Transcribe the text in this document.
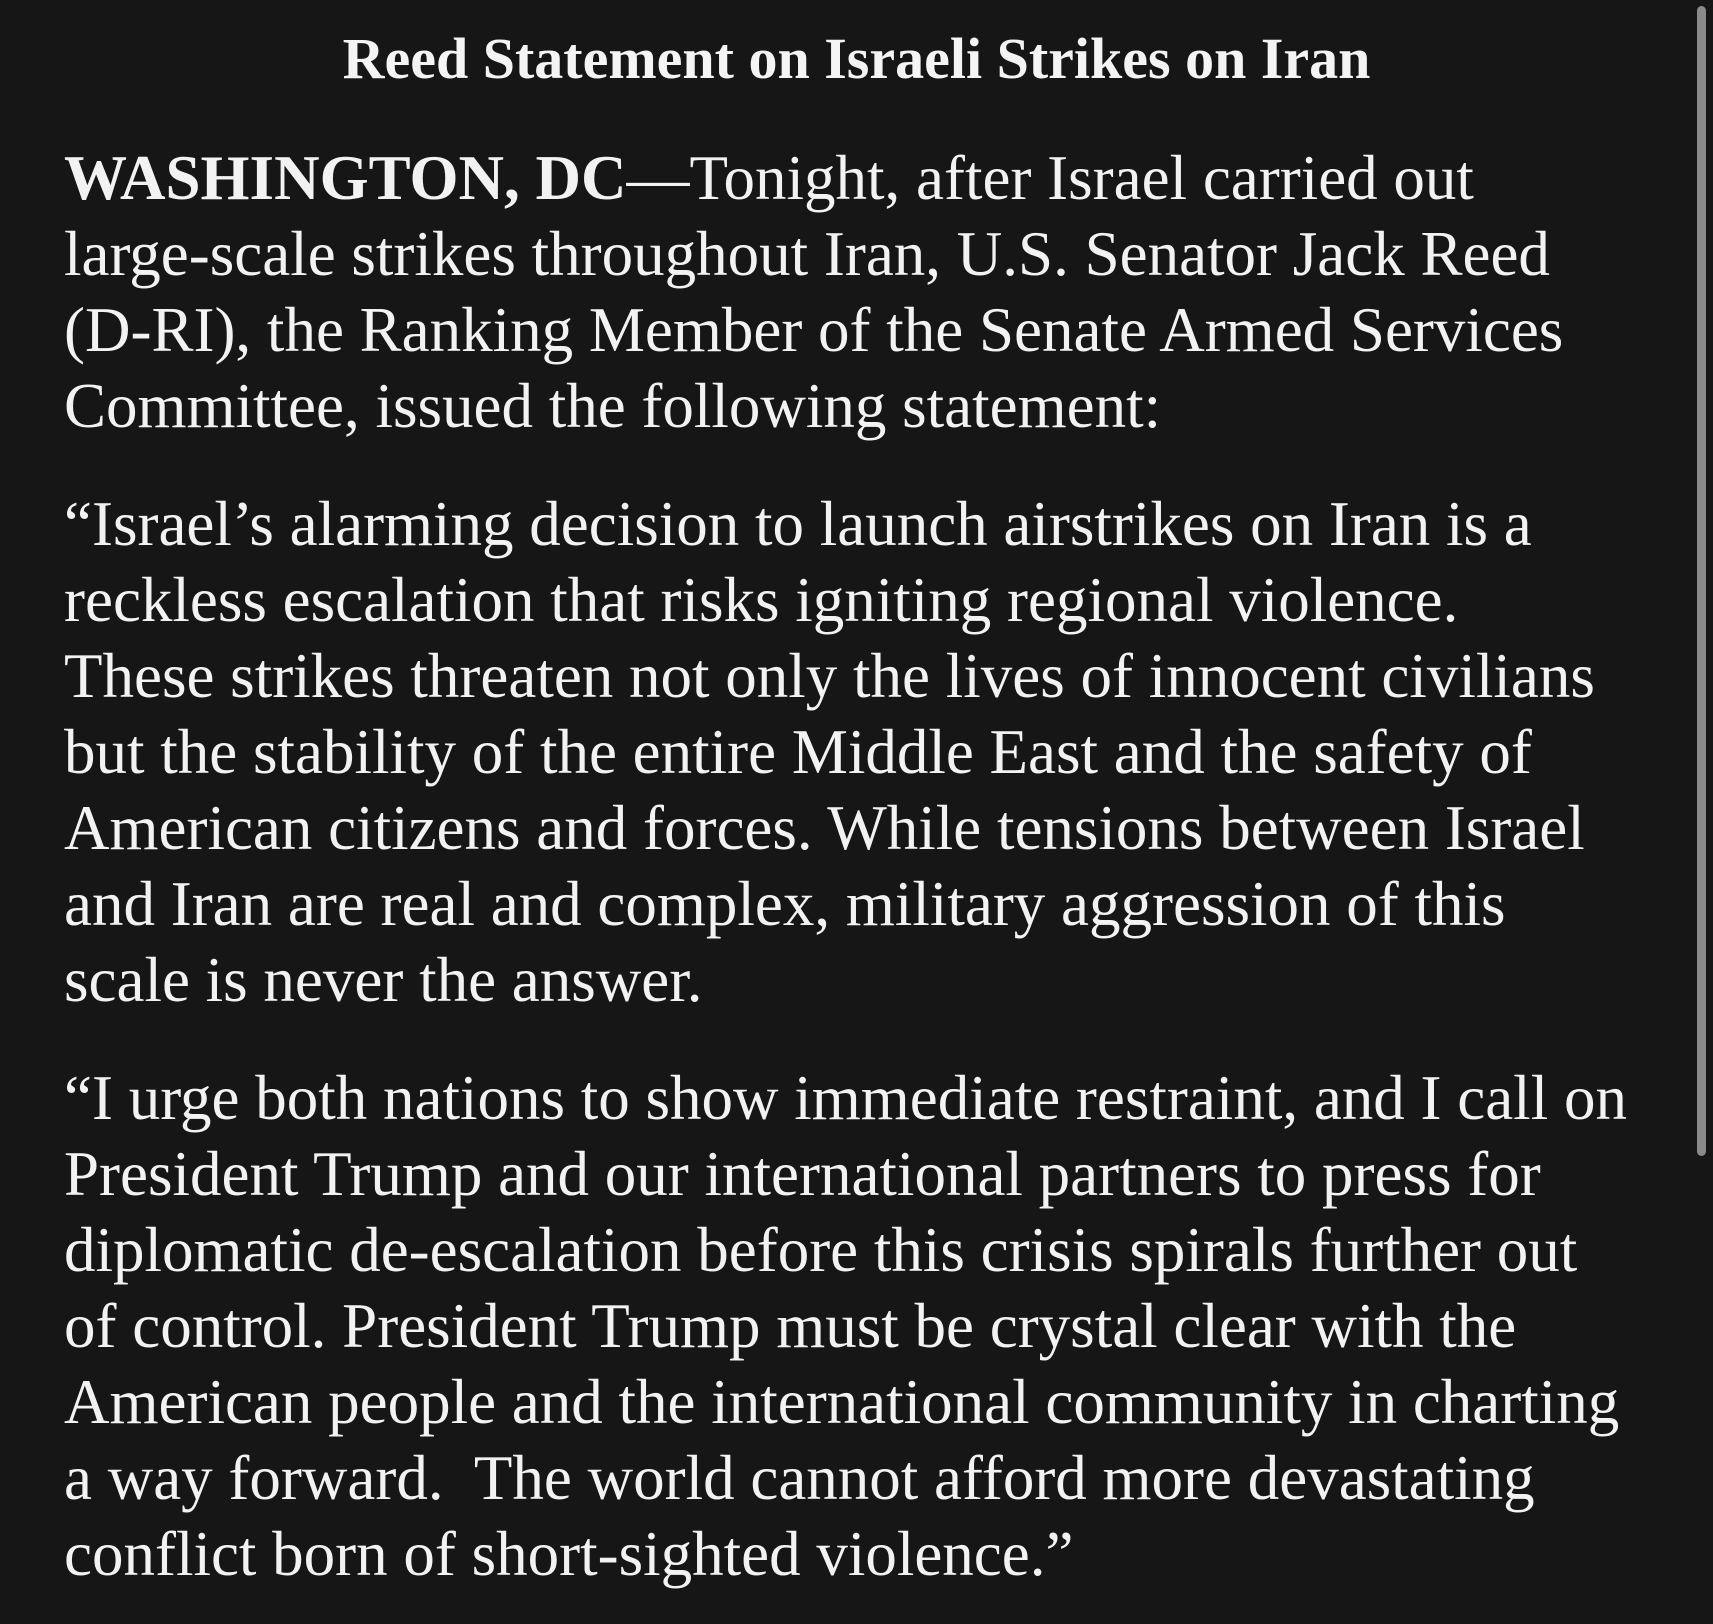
Reed Statement on Israeli Strikes on Iran

WASHINGTON, DC—Tonight, after Israel carried out
large-scale strikes throughout Iran, U.S. Senator Jack Reed
(D-RI), the Ranking Member of the Senate Armed Services
Committee, issued the following statement:

“Israel’s alarming decision to launch airstrikes on Iran is a
reckless escalation that risks igniting regional violence.
These strikes threaten not only the lives of innocent civilians
but the stability of the entire Middle East and the safety of
American citizens and forces. While tensions between Israel
and Iran are real and complex, military aggression of this
scale is never the answer.

“I urge both nations to show immediate restraint, and I call on
President Trump and our international partners to press for
diplomatic de-escalation before this crisis spirals further out
of control. President Trump must be crystal clear with the
American people and the international community in charting
a way forward.  The world cannot afford more devastating
conflict born of short-sighted violence.”
